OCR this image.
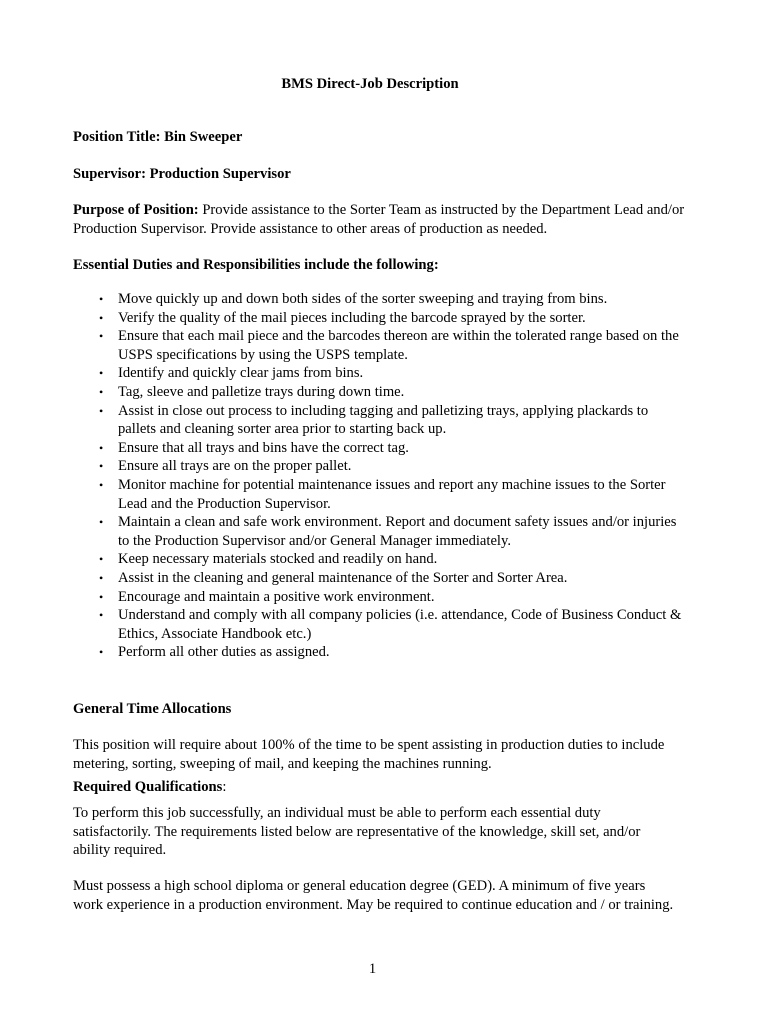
BMS Direct-Job Description

Position Title: Bin Sweeper

Supervisor: Production Supervisor

Purpose of Position: Provide assistance to the Sorter Team as instructed by the Department Lead and/or Production Supervisor. Provide assistance to other areas of production as needed.

Essential Duties and Responsibilities include the following:

• Move quickly up and down both sides of the sorter sweeping and traying from bins.
• Verify the quality of the mail pieces including the barcode sprayed by the sorter.
• Ensure that each mail piece and the barcodes thereon are within the tolerated range based on the USPS specifications by using the USPS template.
• Identify and quickly clear jams from bins.
• Tag, sleeve and palletize trays during down time.
• Assist in close out process to including tagging and palletizing trays, applying plackards to pallets and cleaning sorter area prior to starting back up.
• Ensure that all trays and bins have the correct tag.
• Ensure all trays are on the proper pallet.
• Monitor machine for potential maintenance issues and report any machine issues to the Sorter Lead and the Production Supervisor.
• Maintain a clean and safe work environment. Report and document safety issues and/or injuries to the Production Supervisor and/or General Manager immediately.
• Keep necessary materials stocked and readily on hand.
• Assist in the cleaning and general maintenance of the Sorter and Sorter Area.
• Encourage and maintain a positive work environment.
• Understand and comply with all company policies (i.e. attendance, Code of Business Conduct & Ethics, Associate Handbook etc.)
• Perform all other duties as assigned.

General Time Allocations

This position will require about 100% of the time to be spent assisting in production duties to include metering, sorting, sweeping of mail, and keeping the machines running.

Required Qualifications:

To perform this job successfully, an individual must be able to perform each essential duty satisfactorily. The requirements listed below are representative of the knowledge, skill set, and/or ability required.

Must possess a high school diploma or general education degree (GED). A minimum of five years work experience in a production environment. May be required to continue education and / or training.

1
